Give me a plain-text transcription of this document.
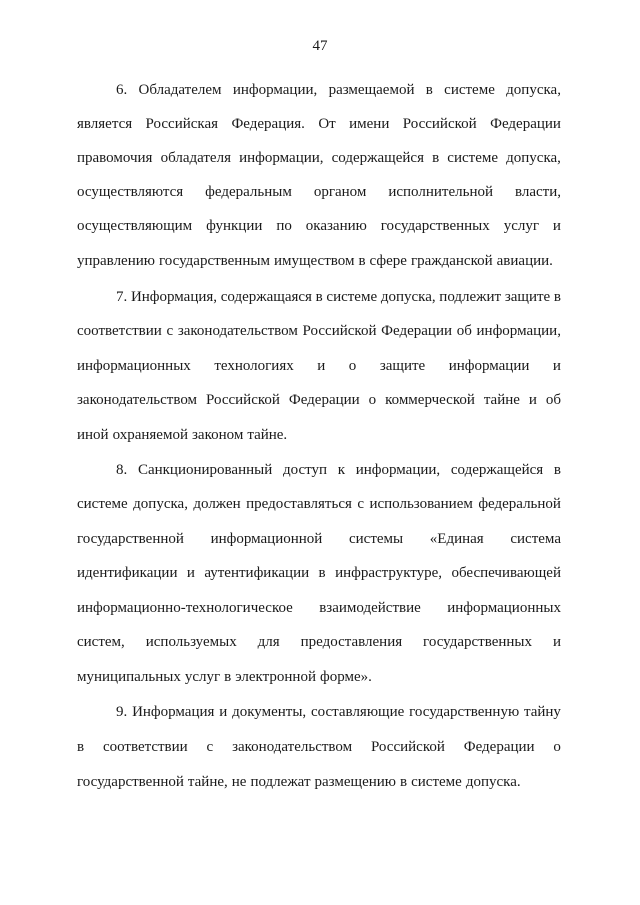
47
6. Обладателем информации, размещаемой в системе допуска,
является Российская Федерация. От имени Российской Федерации
правомочия обладателя информации, содержащейся в системе допуска,
осуществляются федеральным органом исполнительной власти,
осуществляющим функции по оказанию государственных услуг и
управлению государственным имуществом в сфере гражданской авиации.
7. Информация, содержащаяся в системе допуска, подлежит защите в
соответствии с законодательством Российской Федерации об информации,
информационных технологиях и о защите информации и
законодательством Российской Федерации о коммерческой тайне и об
иной охраняемой законом тайне.
8. Санкционированный доступ к информации, содержащейся в
системе допуска, должен предоставляться с использованием федеральной
государственной информационной системы «Единая система
идентификации и аутентификации в инфраструктуре, обеспечивающей
информационно-технологическое взаимодействие информационных
систем, используемых для предоставления государственных и
муниципальных услуг в электронной форме».
9. Информация и документы, составляющие государственную тайну
в соответствии с законодательством Российской Федерации о
государственной тайне, не подлежат размещению в системе допуска.
